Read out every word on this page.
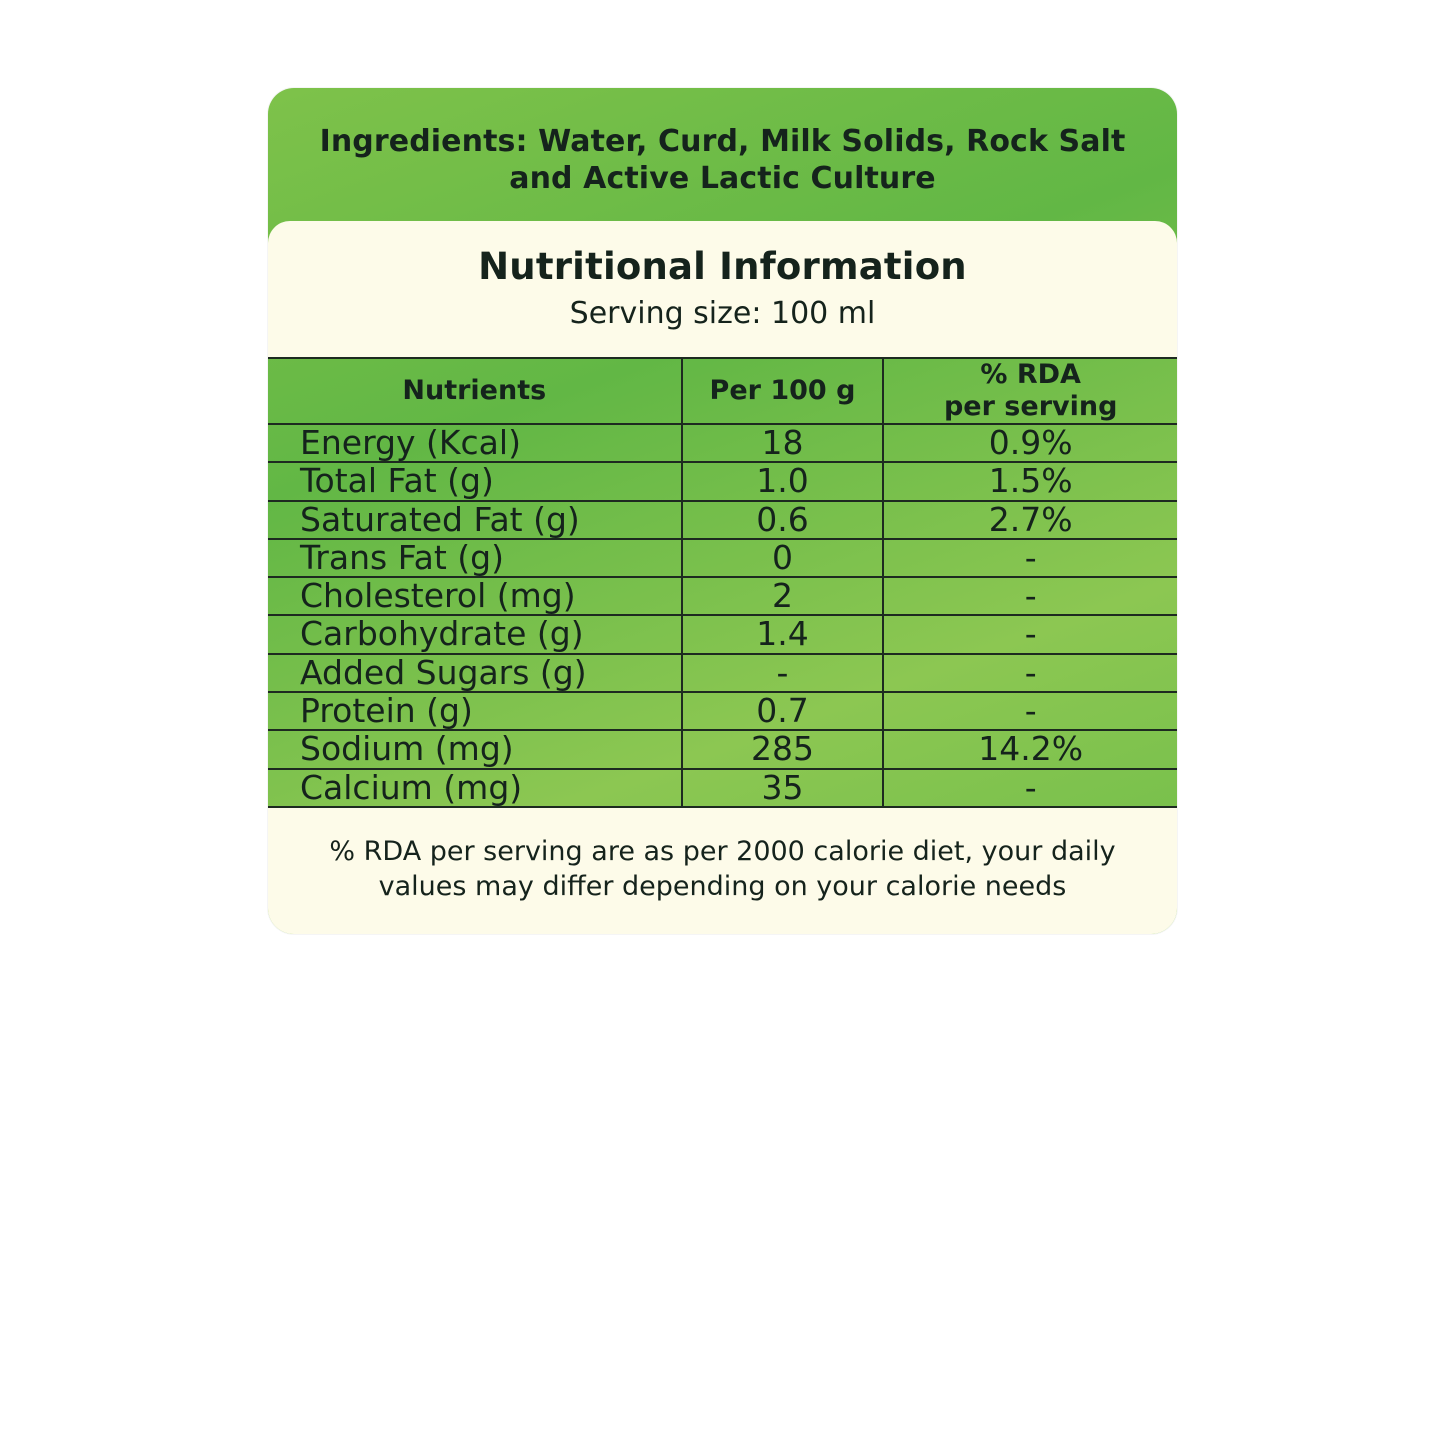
Ingredients: Water, Curd, Milk Solids, Rock Salt and Active Lactic Culture
Nutritional Information
Serving size: 100 ml
Nutrients	Per 100 g	% RDA
per serving
Energy (Kcal)	18	0.9%
Total Fat (g)	1.0	1.5%
Saturated Fat (g)	0.6	2.7%
Trans Fat (g)	0	-
Cholesterol (mg)	2	-
Carbohydrate (g)	1.4	-
Added Sugars (g)	-	-
Protein (g)	0.7	-
Sodium (mg)	285	14.2%
Calcium (mg)	35	-
% RDA per serving are as per 2000 calorie diet, your daily values may differ depending on your calorie needs
